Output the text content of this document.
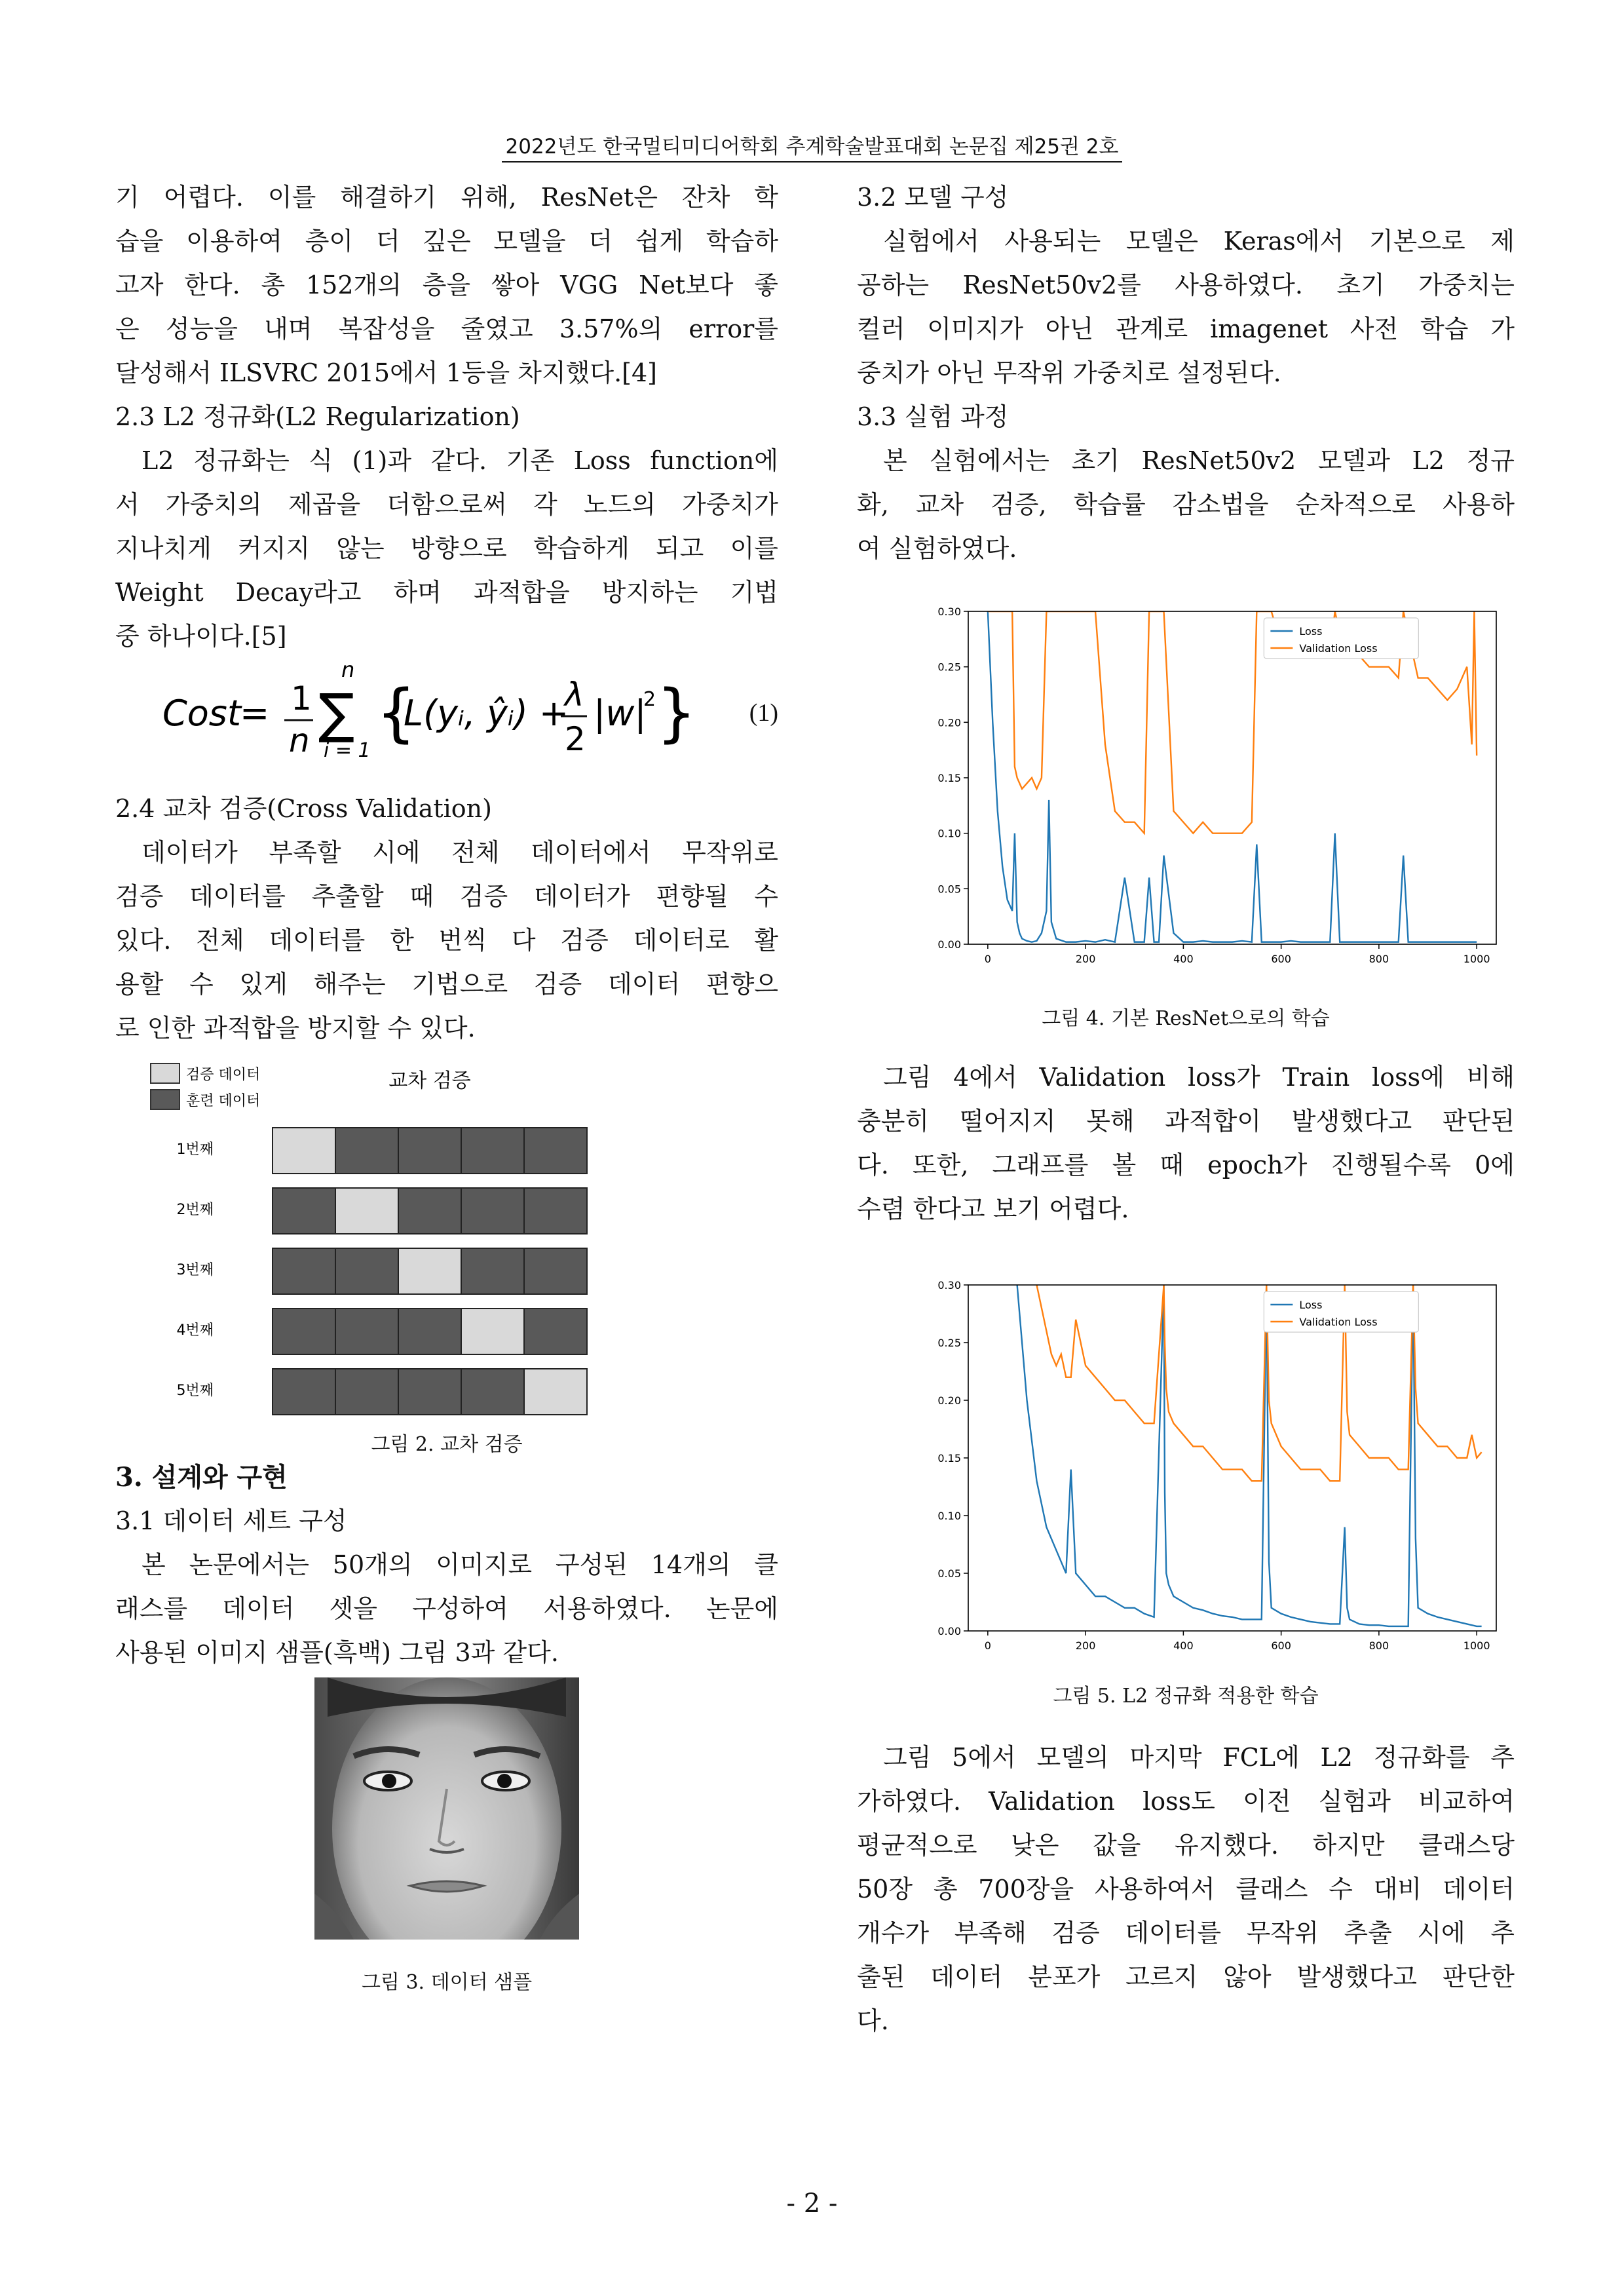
2022년도 한국멀티미디어학회 추계학술발표대회 논문집 제25권 2호

기 어렵다. 이를 해결하기 위해, ResNet은 잔차 학

습을 이용하여 층이 더 깊은 모델을 더 쉽게 학습하

고자 한다. 총 152개의 층을 쌓아 VGG Net보다 좋

은 성능을 내며 복잡성을 줄였고 3.57%의 error를

달성해서 ILSVRC 2015에서 1등을 차지했다.[4]

2.3 L2 정규화(L2 Regularization)

L2 정규화는 식 (1)과 같다. 기존 Loss function에

서 가중치의 제곱을 더함으로써 각 노드의 가중치가

지나치게 커지지 않는 방향으로 학습하게 되고 이를

Weight Decay라고 하며 과적합을 방지하는 기법

중 하나이다.[5]

Cost
= 1
n
n
∑
i = 1
{
L(yᵢ, ŷᵢ) +
λ
2
|w|
2 } (1)

2.4 교차 검증(Cross Validation)

데이터가 부족할 시에 전체 데이터에서 무작위로

검증 데이터를 추출할 때 검증 데이터가 편향될 수

있다. 전체 데이터를 한 번씩 다 검증 데이터로 활

용할 수 있게 해주는 기법으로 검증 데이터 편향으

로 인한 과적합을 방지할 수 있다.

검증 데이터
훈련 데이터
교차 검증
1번째
2번째
3번째
4번째
5번째

그림 2. 교차 검증

3. 설계와 구현

3.1 데이터 세트 구성

본 논문에서는 50개의 이미지로 구성된 14개의 클

래스를 데이터 셋을 구성하여 서용하였다. 논문에

사용된 이미지 샘플(흑백) 그림 3과 같다.

그림 3. 데이터 샘플

3.2 모델 구성

실험에서 사용되는 모델은 Keras에서 기본으로 제

공하는 ResNet50v2를 사용하였다. 초기 가중치는

컬러 이미지가 아닌 관계로 imagenet 사전 학습 가

중치가 아닌 무작위 가중치로 설정된다.

3.3 실험 과정

본 실험에서는 초기 ResNet50v2 모델과 L2 정규

화, 교차 검증, 학습률 감소법을 순차적으로 사용하

여 실험하였다.

0.00
0.05
0.10
0.15
0.20
0.25
0.30
0	200	400	600	800	1000
Loss
Validation Loss

그림 4. 기본 ResNet으로의 학습

그림 4에서 Validation loss가 Train loss에 비해

충분히 떨어지지 못해 과적합이 발생했다고 판단된

다. 또한, 그래프를 볼 때 epoch가 진행될수록 0에

수렴 한다고 보기 어렵다.

0.00
0.05
0.10
0.15
0.20
0.25
0.30
0	200	400	600	800	1000
Loss
Validation Loss

그림 5. L2 정규화 적용한 학습

그림 5에서 모델의 마지막 FCL에 L2 정규화를 추

가하였다. Validation loss도 이전 실험과 비교하여

평균적으로 낮은 값을 유지했다. 하지만 클래스당

50장 총 700장을 사용하여서 클래스 수 대비 데이터

개수가 부족해 검증 데이터를 무작위 추출 시에 추

출된 데이터 분포가 고르지 않아 발생했다고 판단한

다.

- 2 -
